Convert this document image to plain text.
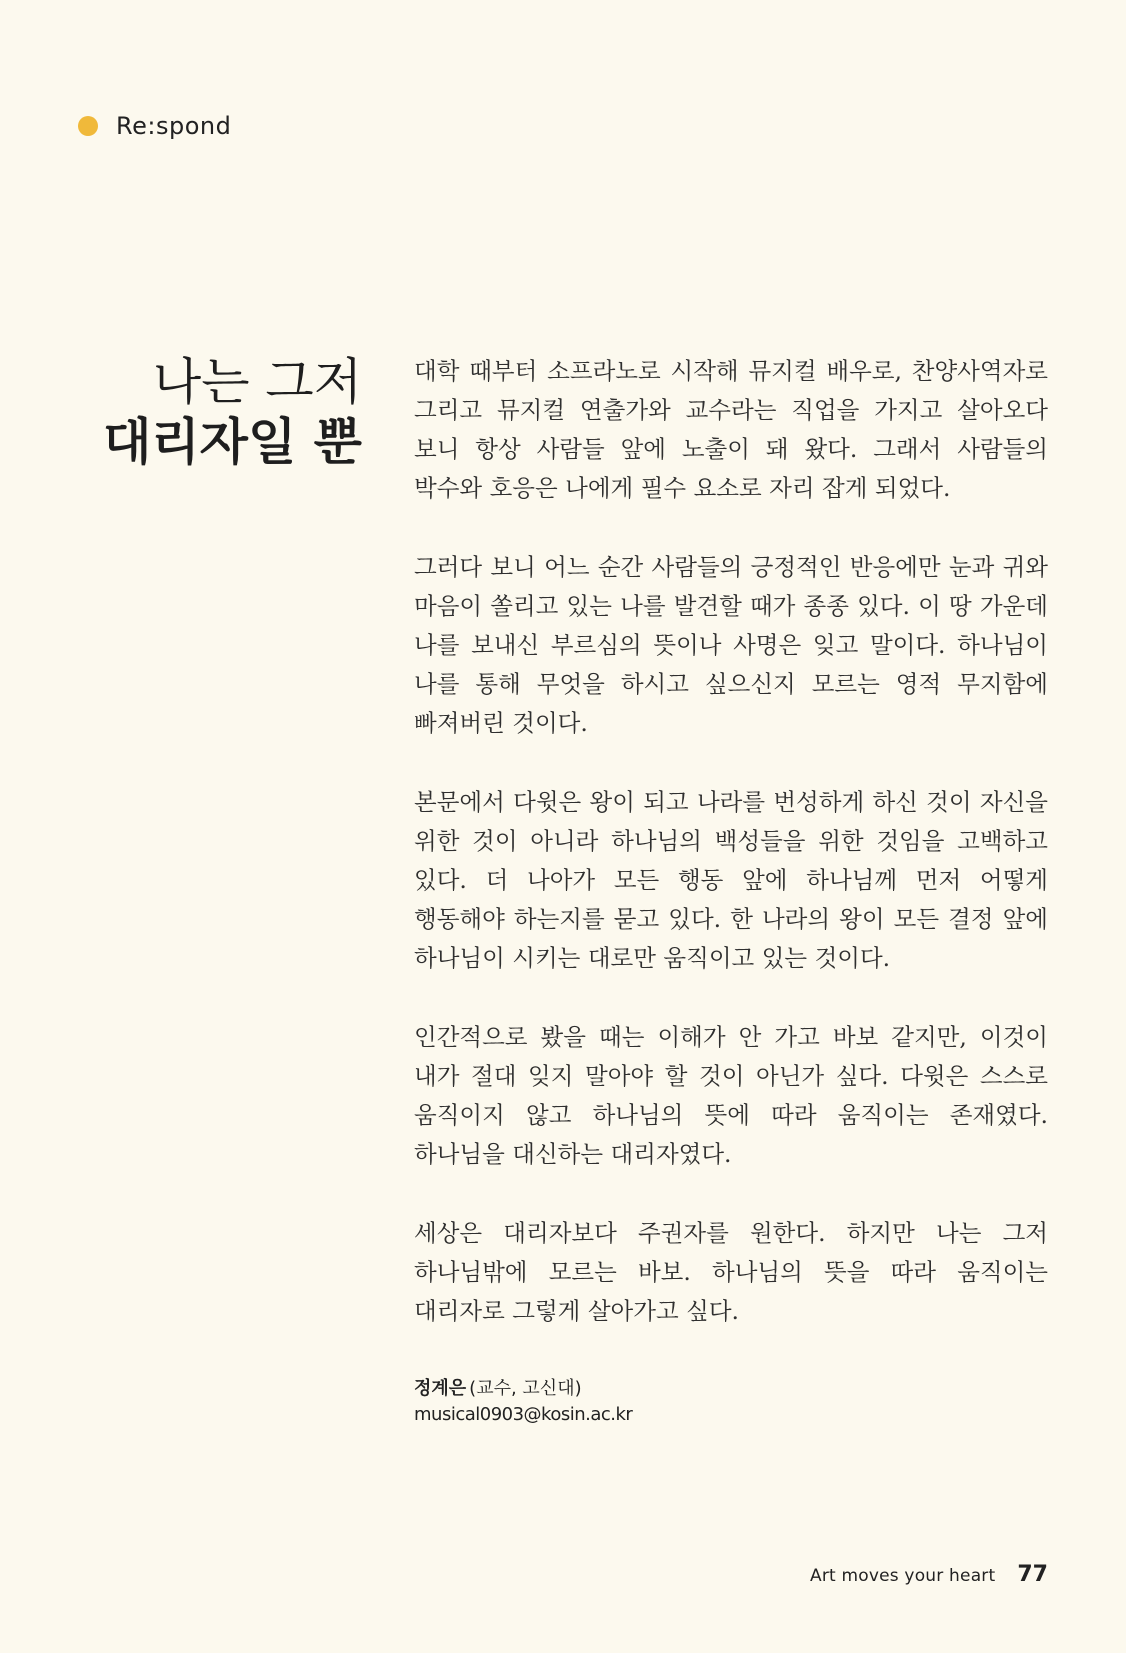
Re:spond
나는 그저
대리자일 뿐

대학 때부터 소프라노로 시작해 뮤지컬 배우로, 찬양사역자로 그리고 뮤지컬 연출가와 교수라는 직업을 가지고 살아오다 보니 항상 사람들 앞에 노출이 돼 왔다. 그래서 사람들의 박수와 호응은 나에게 필수 요소로 자리 잡게 되었다.

그러다 보니 어느 순간 사람들의 긍정적인 반응에만 눈과 귀와 마음이 쏠리고 있는 나를 발견할 때가 종종 있다. 이 땅 가운데 나를 보내신 부르심의 뜻이나 사명은 잊고 말이다. 하나님이 나를 통해 무엇을 하시고 싶으신지 모르는 영적 무지함에 빠져버린 것이다.

본문에서 다윗은 왕이 되고 나라를 번성하게 하신 것이 자신을 위한 것이 아니라 하나님의 백성들을 위한 것임을 고백하고 있다. 더 나아가 모든 행동 앞에 하나님께 먼저 어떻게 행동해야 하는지를 묻고 있다. 한 나라의 왕이 모든 결정 앞에 하나님이 시키는 대로만 움직이고 있는 것이다.

인간적으로 봤을 때는 이해가 안 가고 바보 같지만, 이것이 내가 절대 잊지 말아야 할 것이 아닌가 싶다. 다윗은 스스로 움직이지 않고 하나님의 뜻에 따라 움직이는 존재였다. 하나님을 대신하는 대리자였다.

세상은 대리자보다 주권자를 원한다. 하지만 나는 그저 하나님밖에 모르는 바보. 하나님의 뜻을 따라 움직이는 대리자로 그렇게 살아가고 싶다.

정계은 (교수, 고신대)
musical0903@kosin.ac.kr
Art moves your heart 77
